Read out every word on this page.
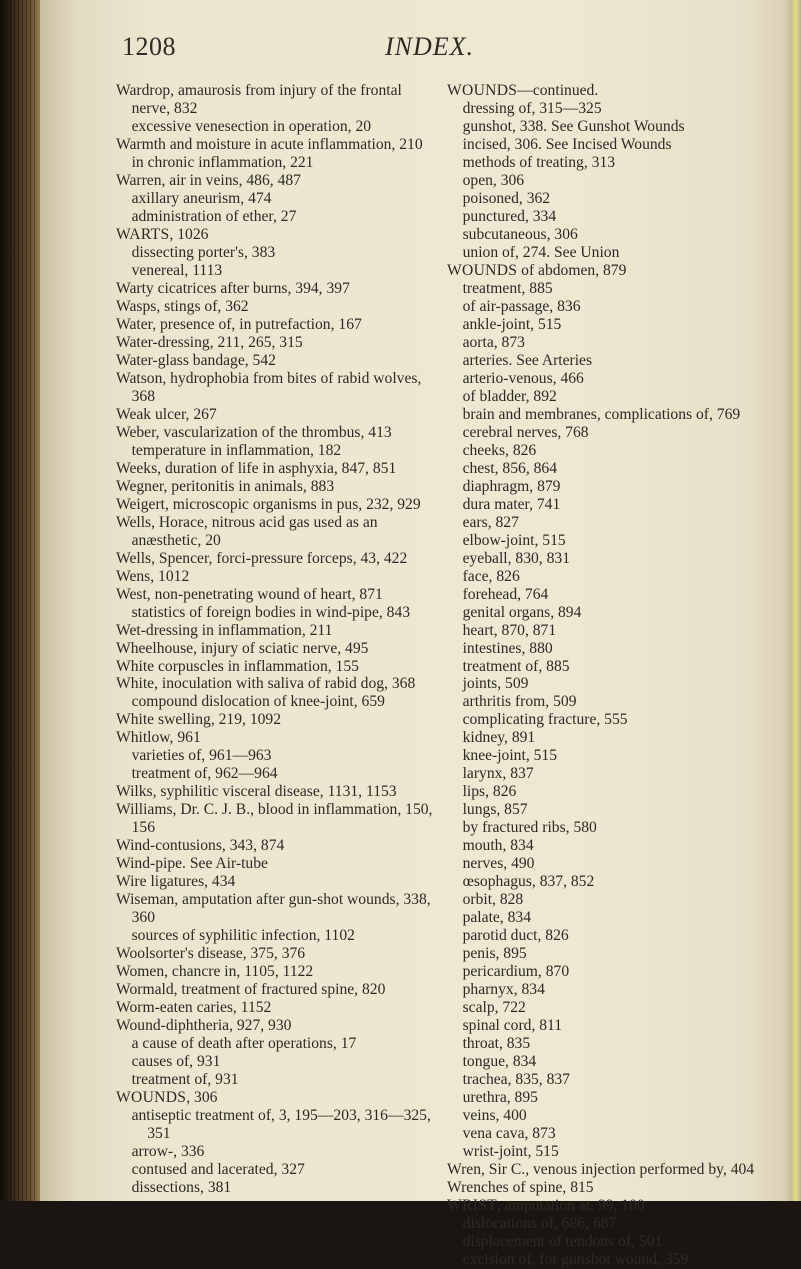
1208	INDEX.
Wardrop, amaurosis from injury of the frontal nerve, 832
excessive venesection in operation, 20
Warmth and moisture in acute inflammation, 210
in chronic inflammation, 221
Warren, air in veins, 486, 487
axillary aneurism, 474
administration of ether, 27
WARTS, 1026
dissecting porter's, 383
venereal, 1113
Warty cicatrices after burns, 394, 397
Wasps, stings of, 362
Water, presence of, in putrefaction, 167
Water-dressing, 211, 265, 315
Water-glass bandage, 542
Watson, hydrophobia from bites of rabid wolves, 368
Weak ulcer, 267
Weber, vascularization of the thrombus, 413
temperature in inflammation, 182
Weeks, duration of life in asphyxia, 847, 851
Wegner, peritonitis in animals, 883
Weigert, microscopic organisms in pus, 232, 929
Wells, Horace, nitrous acid gas used as an anæsthetic, 20
Wells, Spencer, forci-pressure forceps, 43, 422
Wens, 1012
West, non-penetrating wound of heart, 871
statistics of foreign bodies in wind-pipe, 843
Wet-dressing in inflammation, 211
Wheelhouse, injury of sciatic nerve, 495
White corpuscles in inflammation, 155
White, inoculation with saliva of rabid dog, 368
compound dislocation of knee-joint, 659
White swelling, 219, 1092
Whitlow, 961
varieties of, 961—963
treatment of, 962—964
Wilks, syphilitic visceral disease, 1131, 1153
Williams, Dr. C. J. B., blood in inflammation, 150, 156
Wind-contusions, 343, 874
Wind-pipe. See Air-tube
Wire ligatures, 434
Wiseman, amputation after gun-shot wounds, 338, 360
sources of syphilitic infection, 1102
Woolsorter's disease, 375, 376
Women, chancre in, 1105, 1122
Wormald, treatment of fractured spine, 820
Worm-eaten caries, 1152
Wound-diphtheria, 927, 930
a cause of death after operations, 17
causes of, 931
treatment of, 931
WOUNDS, 306
antiseptic treatment of, 3, 195—203, 316—325, 351
arrow-, 336
contused and lacerated, 327
dissections, 381
WOUNDS—continued.
dressing of, 315—325
gunshot, 338. See Gunshot Wounds
incised, 306. See Incised Wounds
methods of treating, 313
open, 306
poisoned, 362
punctured, 334
subcutaneous, 306
union of, 274. See Union
WOUNDS of abdomen, 879
treatment, 885
of air-passage, 836
ankle-joint, 515
aorta, 873
arteries. See Arteries
arterio-venous, 466
of bladder, 892
brain and membranes, complications of, 769
cerebral nerves, 768
cheeks, 826
chest, 856, 864
diaphragm, 879
dura mater, 741
ears, 827
elbow-joint, 515
eyeball, 830, 831
face, 826
forehead, 764
genital organs, 894
heart, 870, 871
intestines, 880
treatment of, 885
joints, 509
arthritis from, 509
complicating fracture, 555
kidney, 891
knee-joint, 515
larynx, 837
lips, 826
lungs, 857
by fractured ribs, 580
mouth, 834
nerves, 490
œsophagus, 837, 852
orbit, 828
palate, 834
parotid duct, 826
penis, 895
pericardium, 870
pharnyx, 834
scalp, 722
spinal cord, 811
throat, 835
tongue, 834
trachea, 835, 837
urethra, 895
veins, 400
vena cava, 873
wrist-joint, 515
Wren, Sir C., venous injection performed by, 404
Wrenches of spine, 815
WRIST, amputation at, 99, 100
dislocations of, 686, 687
displacement of tendons of, 501
excision of, for gunshot wound, 359
